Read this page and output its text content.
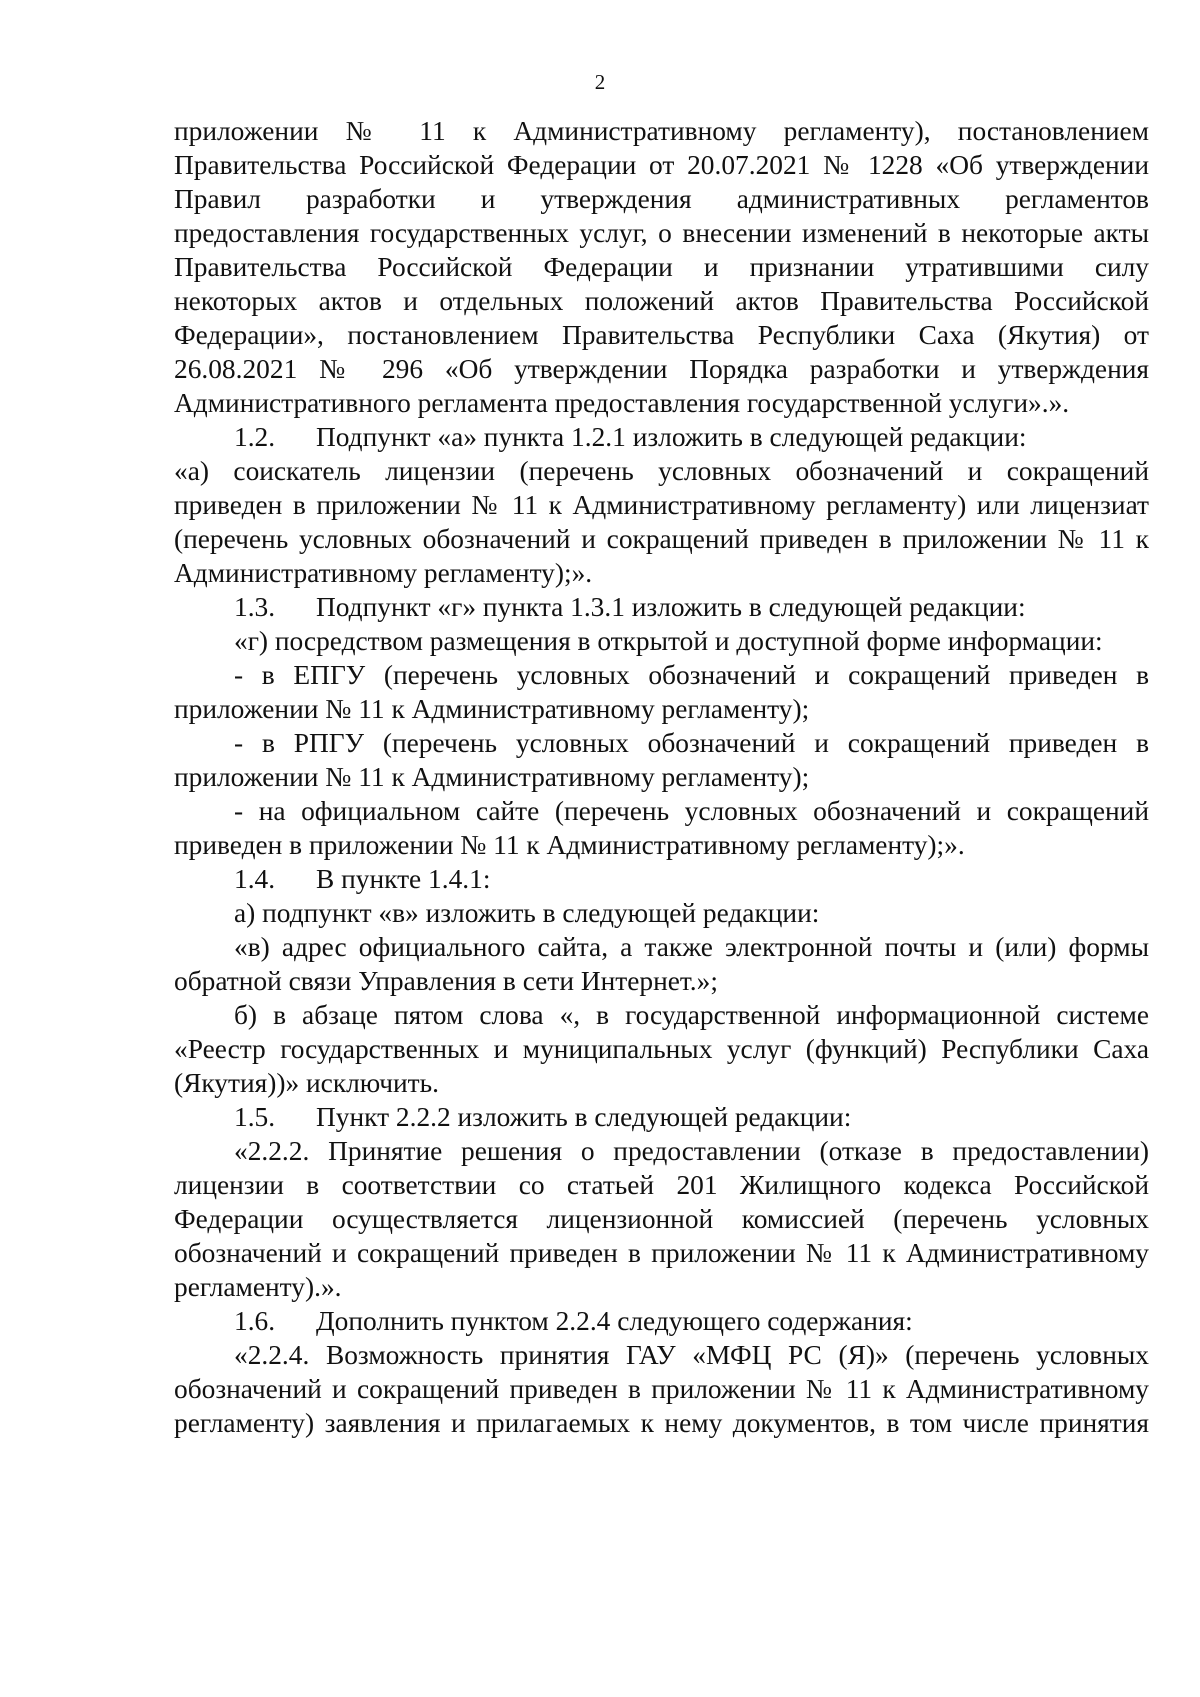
2
приложении № 11 к Административному регламенту), постановлением
Правительства Российской Федерации от 20.07.2021 № 1228 «Об утверждении
Правил разработки и утверждения административных регламентов
предоставления государственных услуг, о внесении изменений в некоторые акты
Правительства Российской Федерации и признании утратившими силу
некоторых актов и отдельных положений актов Правительства Российской
Федерации», постановлением Правительства Республики Саха (Якутия) от
26.08.2021 № 296 «Об утверждении Порядка разработки и утверждения
Административного регламента предоставления государственной услуги».».
1.2. Подпункт «а» пункта 1.2.1 изложить в следующей редакции:
«а) соискатель лицензии (перечень условных обозначений и сокращений
приведен в приложении № 11 к Административному регламенту) или лицензиат
(перечень условных обозначений и сокращений приведен в приложении № 11 к
Административному регламенту);».
1.3. Подпункт «г» пункта 1.3.1 изложить в следующей редакции:
«г) посредством размещения в открытой и доступной форме информации:
- в ЕПГУ (перечень условных обозначений и сокращений приведен в
приложении № 11 к Административному регламенту);
- в РПГУ (перечень условных обозначений и сокращений приведен в
приложении № 11 к Административному регламенту);
- на официальном сайте (перечень условных обозначений и сокращений
приведен в приложении № 11 к Административному регламенту);».
1.4. В пункте 1.4.1:
а) подпункт «в» изложить в следующей редакции:
«в) адрес официального сайта, а также электронной почты и (или) формы
обратной связи Управления в сети Интернет.»;
б) в абзаце пятом слова «, в государственной информационной системе
«Реестр государственных и муниципальных услуг (функций) Республики Саха
(Якутия))» исключить.
1.5. Пункт 2.2.2 изложить в следующей редакции:
«2.2.2. Принятие решения о предоставлении (отказе в предоставлении)
лицензии в соответствии со статьей 201 Жилищного кодекса Российской
Федерации осуществляется лицензионной комиссией (перечень условных
обозначений и сокращений приведен в приложении № 11 к Административному
регламенту).».
1.6. Дополнить пунктом 2.2.4 следующего содержания:
«2.2.4. Возможность принятия ГАУ «МФЦ РС (Я)» (перечень условных
обозначений и сокращений приведен в приложении № 11 к Административному
регламенту) заявления и прилагаемых к нему документов, в том числе принятия
